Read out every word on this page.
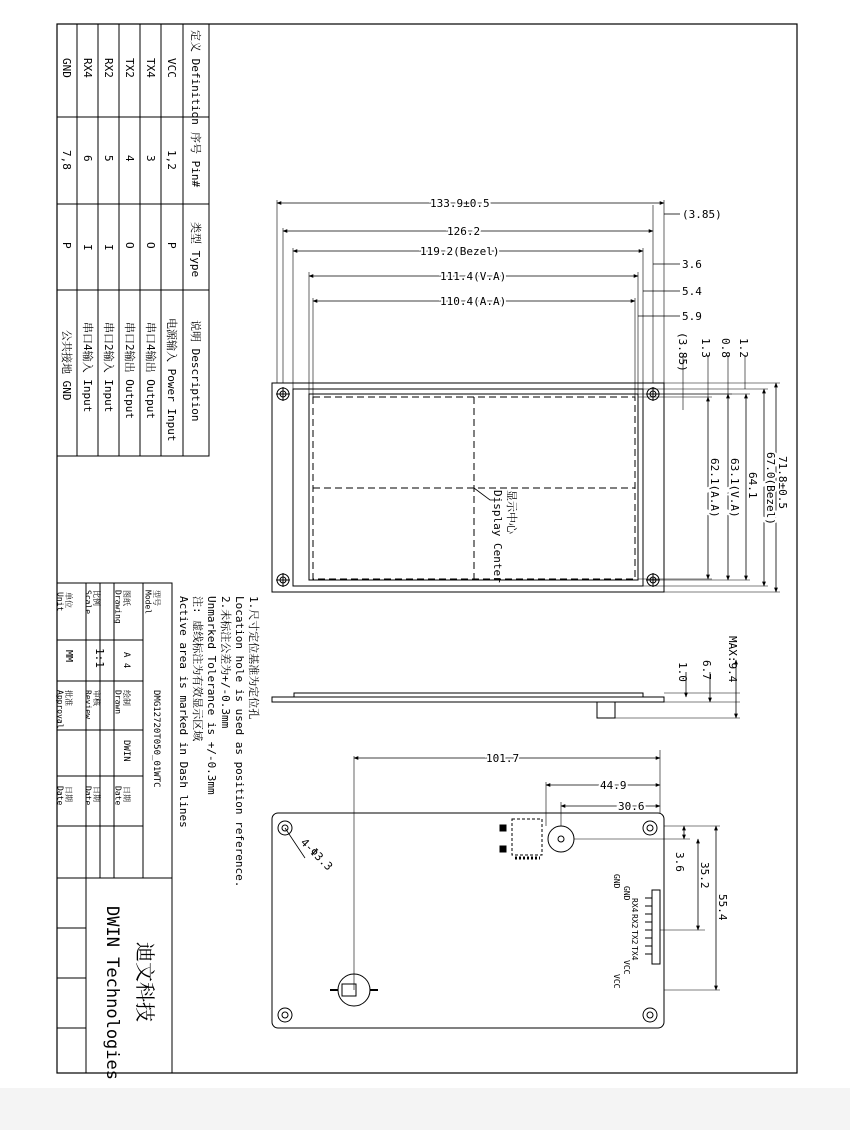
定义 Definition
序号 Pin#
类型 Type
说明 Description
VCC
1,2
P
电源输入 Power Input
TX4
3
O
串口4输出 Output
TX2
4
O
串口2输出 Output
RX2
5
I
串口2输入 Input
RX4
6
I
串口4输入 Input
GND
7,8
P
公共接地 GND
型号Model
DMG12720T050_01WTC
图纸Drawing
A 4
绘制Drawn
DWIN
日期Date
比例Scale
1:1
审核Review
日期Date
单位Unit
MM
批准Approval
日期Date
迪文科技
DWIN Technologies
1.尺寸定位基准为定位孔
Location hole is used as position reference.
2.未标注公差为+/-0.3mm
Unmarked Tolerance is +/-0.3mm
注: 虚线标注为有效显示区域
Active area is marked in Dash lines
133.9±0.5
126.2
119.2(Bezel)
111.4(V.A)
110.4(A.A)
(3.85)
3.6
5.4
5.9
1.2
0.8
1.3
(3.85)
71.8±0.5
67.0(Bezel)
64.1
63.1(V.A)
62.1(A.A)
显示中心
Display Center
MAX:9.4
6.7
1.0
101.7
44.9
30.6
3.6
35.2
55.4
4-Φ3.3
GND
GND
RX4
RX2
TX2
TX4
VCC
VCC
